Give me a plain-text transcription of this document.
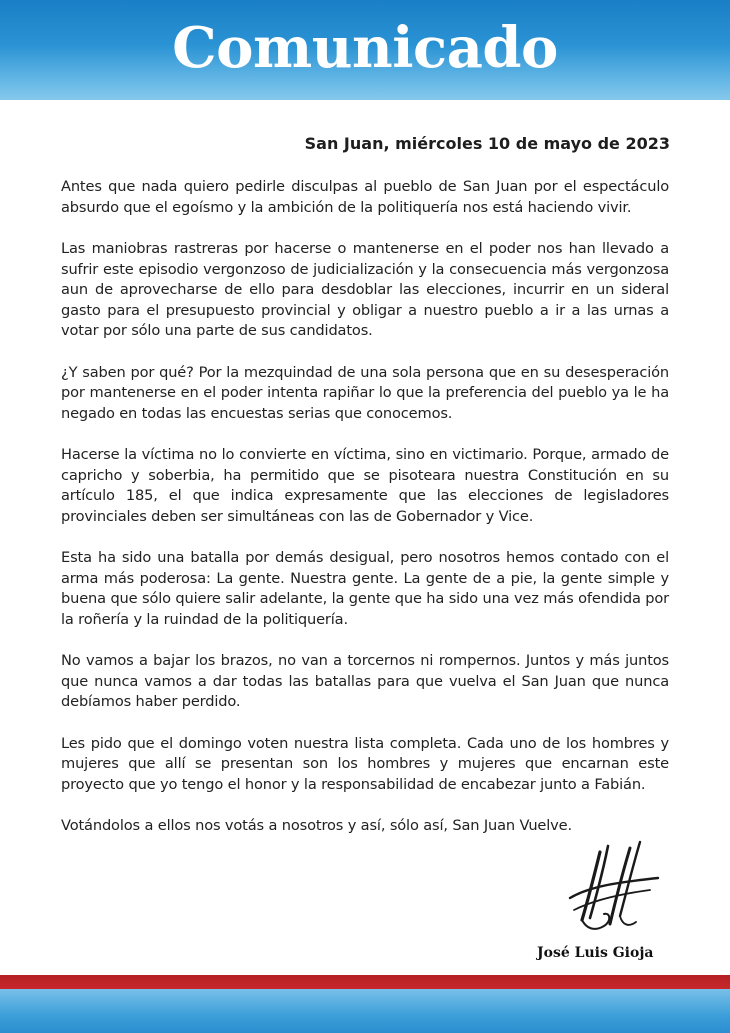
Comunicado

San Juan, miércoles 10 de mayo de 2023

Antes que nada quiero pedirle disculpas al pueblo de San Juan por el espectáculo absurdo que el egoísmo y la ambición de la politiquería nos está haciendo vivir.

Las maniobras rastreras por hacerse o mantenerse en el poder nos han llevado a sufrir este episodio vergonzoso de judicialización y la consecuencia más vergonzosa aun de aprovecharse de ello para desdoblar las elecciones, incurrir en un sideral gasto para el presupuesto provincial y obligar a nuestro pueblo a ir a las urnas a votar por sólo una parte de sus candidatos.

¿Y saben por qué? Por la mezquindad de una sola persona que en su desesperación por mantenerse en el poder intenta rapiñar lo que la preferencia del pueblo ya le ha negado en todas las encuestas serias que conocemos.

Hacerse la víctima no lo convierte en víctima, sino en victimario. Porque, armado de capricho y soberbia, ha permitido que se pisoteara nuestra Constitución en su artículo 185, el que indica expresamente que las elecciones de legisladores provinciales deben ser simultáneas con las de Gobernador y Vice.

Esta ha sido una batalla por demás desigual, pero nosotros hemos contado con el arma más poderosa: La gente. Nuestra gente. La gente de a pie, la gente simple y buena que sólo quiere salir adelante, la gente que ha sido una vez más ofendida por la roñería y la ruindad de la politiquería.

No vamos a bajar los brazos, no van a torcernos ni rompernos. Juntos y más juntos que nunca vamos a dar todas las batallas para que vuelva el San Juan que nunca debíamos haber perdido.

Les pido que el domingo voten nuestra lista completa. Cada uno de los hombres y mujeres que allí se presentan son los hombres y mujeres que encarnan este proyecto que yo tengo el honor y la responsabilidad de encabezar junto a Fabián.

Votándolos a ellos nos votás a nosotros y así, sólo así, San Juan Vuelve.

José Luis Gioja
